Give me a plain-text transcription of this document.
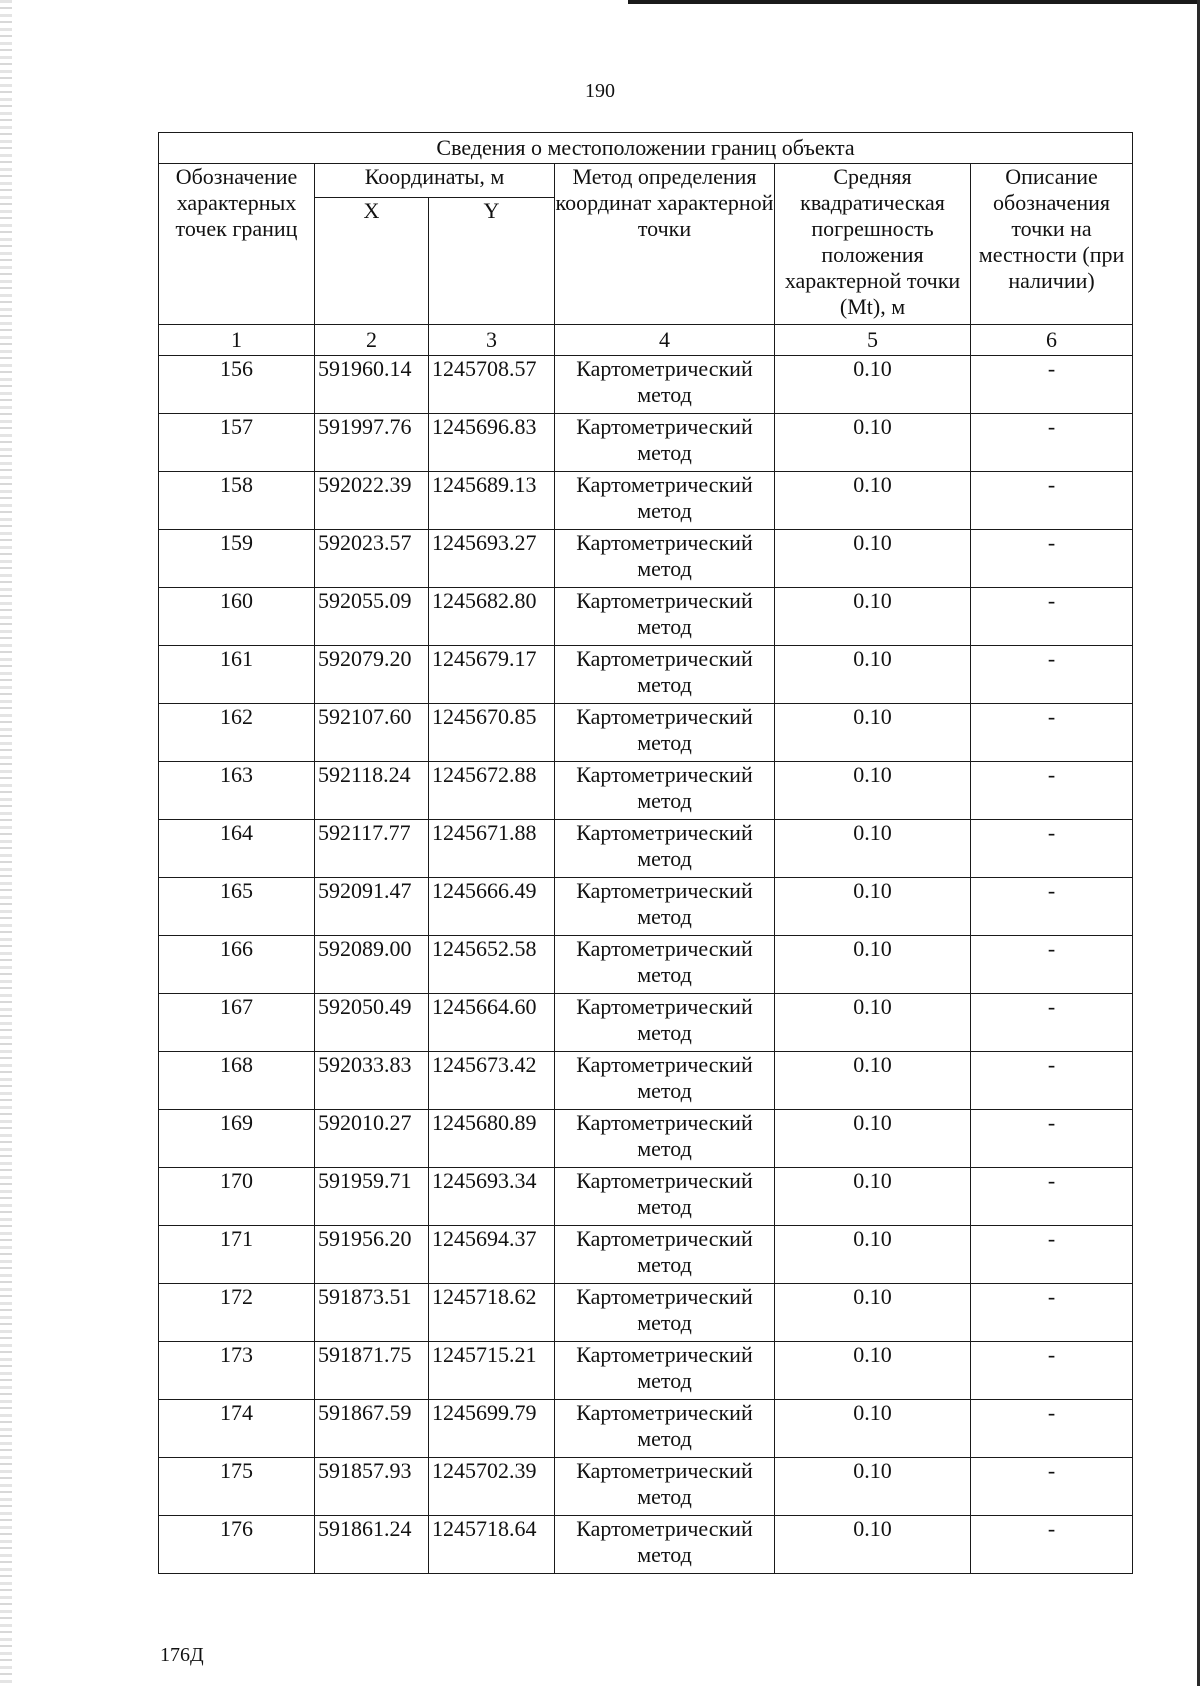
190
Сведения о местоположении границ объекта					
Обозначение характерных точек границ	Координаты, м		Метод определения координат характерной точки	Средняя квадратическая погрешность положения характерной точки (Mt), м	Описание обозначения точки на местности (при наличии)
	X	Y			
1	2	3	4	5	6
156	591960.14	1245708.57	Картометрический метод	0.10	-
157	591997.76	1245696.83	Картометрический метод	0.10	-
158	592022.39	1245689.13	Картометрический метод	0.10	-
159	592023.57	1245693.27	Картометрический метод	0.10	-
160	592055.09	1245682.80	Картометрический метод	0.10	-
161	592079.20	1245679.17	Картометрический метод	0.10	-
162	592107.60	1245670.85	Картометрический метод	0.10	-
163	592118.24	1245672.88	Картометрический метод	0.10	-
164	592117.77	1245671.88	Картометрический метод	0.10	-
165	592091.47	1245666.49	Картометрический метод	0.10	-
166	592089.00	1245652.58	Картометрический метод	0.10	-
167	592050.49	1245664.60	Картометрический метод	0.10	-
168	592033.83	1245673.42	Картометрический метод	0.10	-
169	592010.27	1245680.89	Картометрический метод	0.10	-
170	591959.71	1245693.34	Картометрический метод	0.10	-
171	591956.20	1245694.37	Картометрический метод	0.10	-
172	591873.51	1245718.62	Картометрический метод	0.10	-
173	591871.75	1245715.21	Картометрический метод	0.10	-
174	591867.59	1245699.79	Картометрический метод	0.10	-
175	591857.93	1245702.39	Картометрический метод	0.10	-
176	591861.24	1245718.64	Картометрический метод	0.10	-
176Д
